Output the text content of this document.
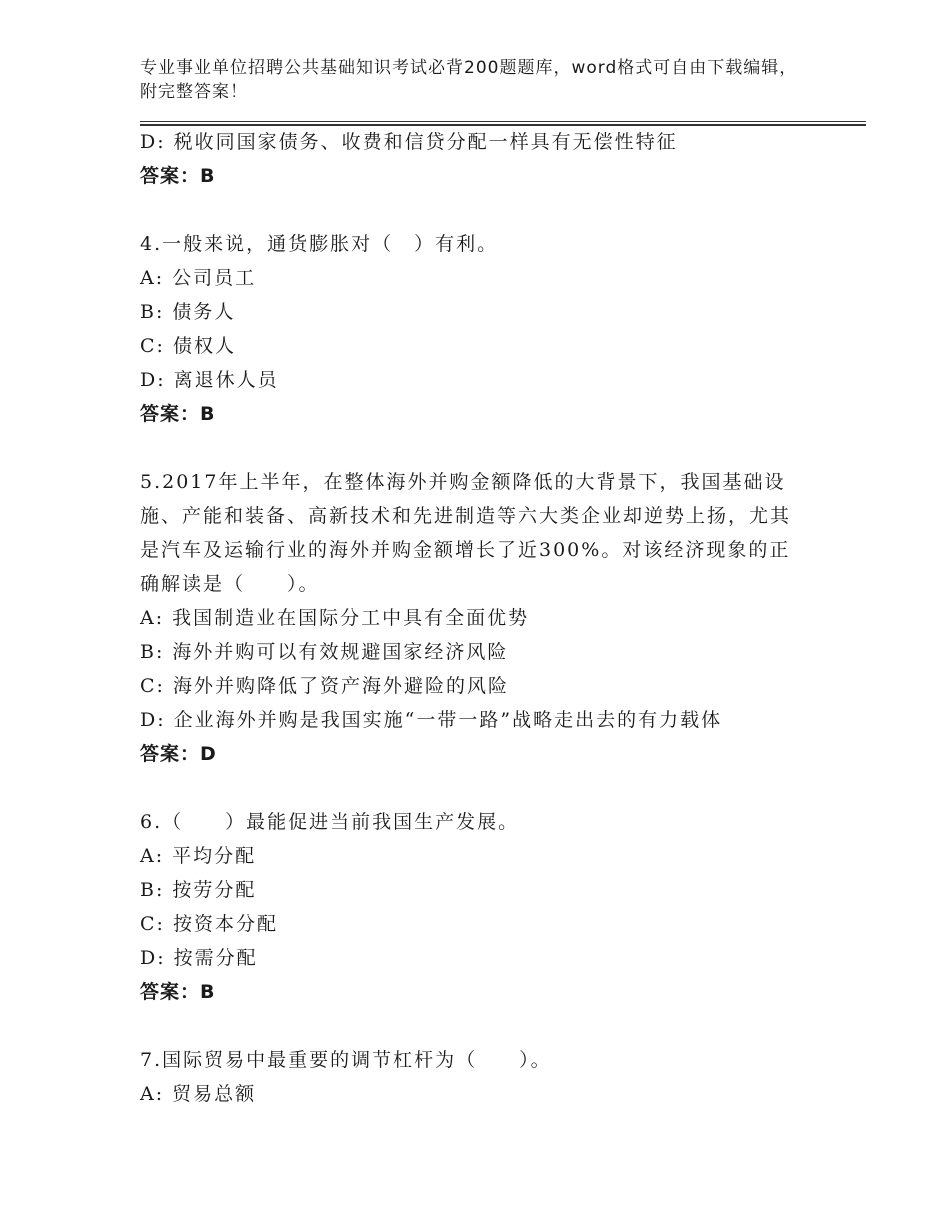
专业事业单位招聘公共基础知识考试必背200题题库，word格式可自由下载编辑，附完整答案！
D: 税收同国家债务、收费和信贷分配一样具有无偿性特征
答案：B
4.一般来说，通货膨胀对（　）有利。
A: 公司员工
B: 债务人
C: 债权人
D: 离退休人员
答案：B
5.2017年上半年，在整体海外并购金额降低的大背景下，我国基础设施、产能和装备、高新技术和先进制造等六大类企业却逆势上扬，尤其是汽车及运输行业的海外并购金额增长了近300%。对该经济现象的正确解读是（　　）。
A: 我国制造业在国际分工中具有全面优势
B: 海外并购可以有效规避国家经济风险
C: 海外并购降低了资产海外避险的风险
D: 企业海外并购是我国实施“一带一路”战略走出去的有力载体
答案：D
6.（　　）最能促进当前我国生产发展。
A: 平均分配
B: 按劳分配
C: 按资本分配
D: 按需分配
答案：B
7.国际贸易中最重要的调节杠杆为（　　）。
A: 贸易总额
